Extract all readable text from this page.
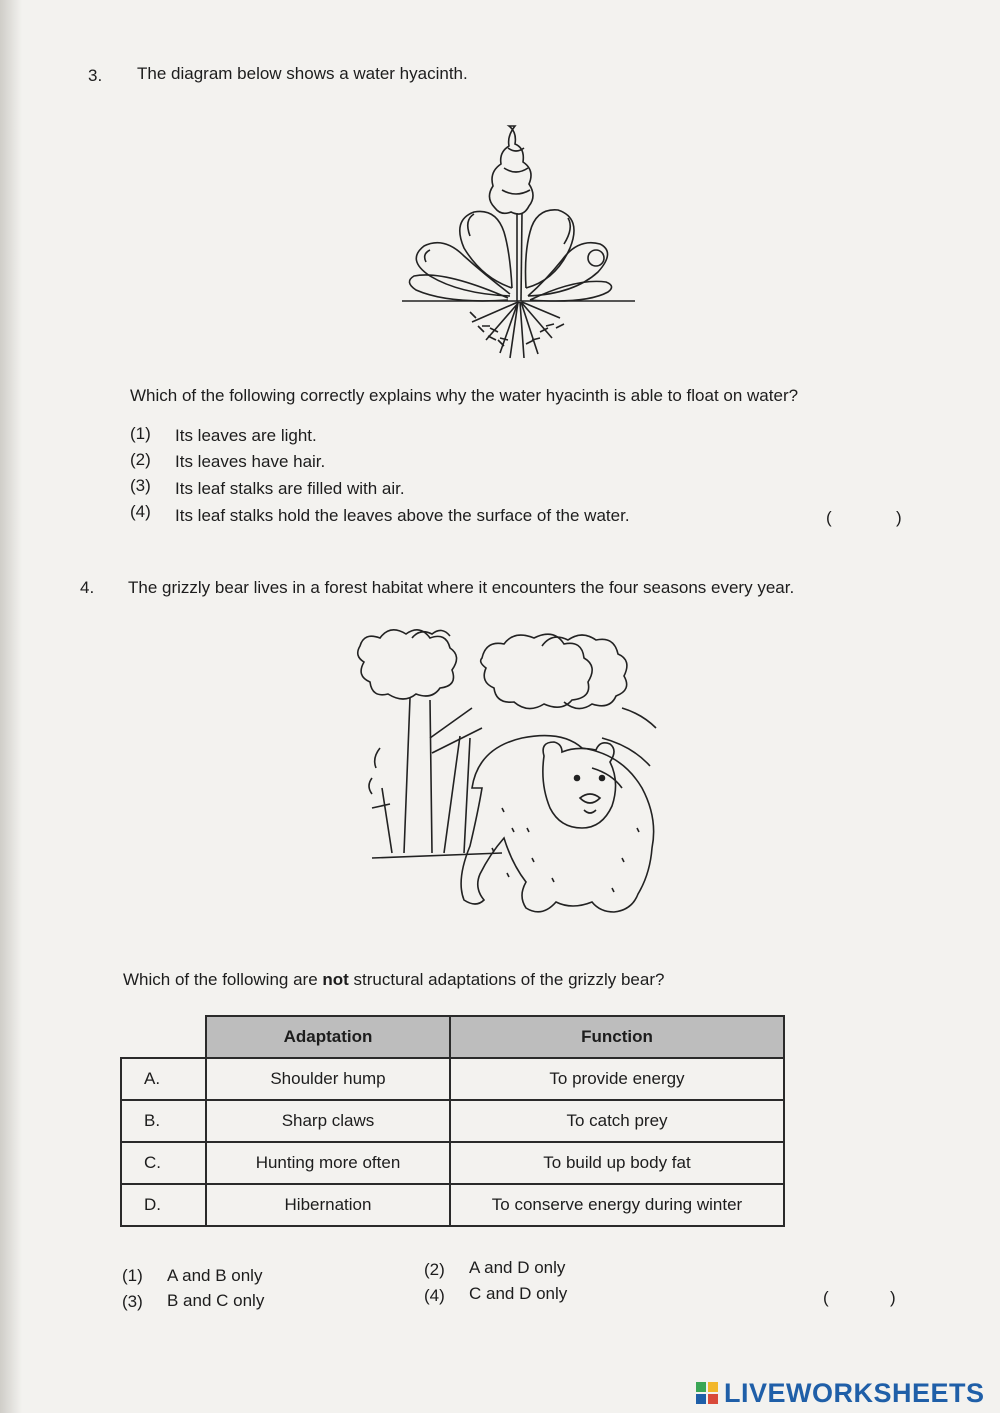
3. The diagram below shows a water hyacinth.
Which of the following correctly explains why the water hyacinth is able to float on water?
(1) Its leaves are light.
(2) Its leaves have hair.
(3) Its leaf stalks are filled with air.
(4) Its leaf stalks hold the leaves above the surface of the water.	(	)
4. The grizzly bear lives in a forest habitat where it encounters the four seasons every year.
Which of the following are not structural adaptations of the grizzly bear?
	Adaptation	Function
A.	Shoulder hump	To provide energy
B.	Sharp claws	To catch prey
C.	Hunting more often	To build up body fat
D.	Hibernation	To conserve energy during winter
(1) A and B only	(2) A and D only
(3) B and C only	(4) C and D only	(	)
LIVEWORKSHEETS
